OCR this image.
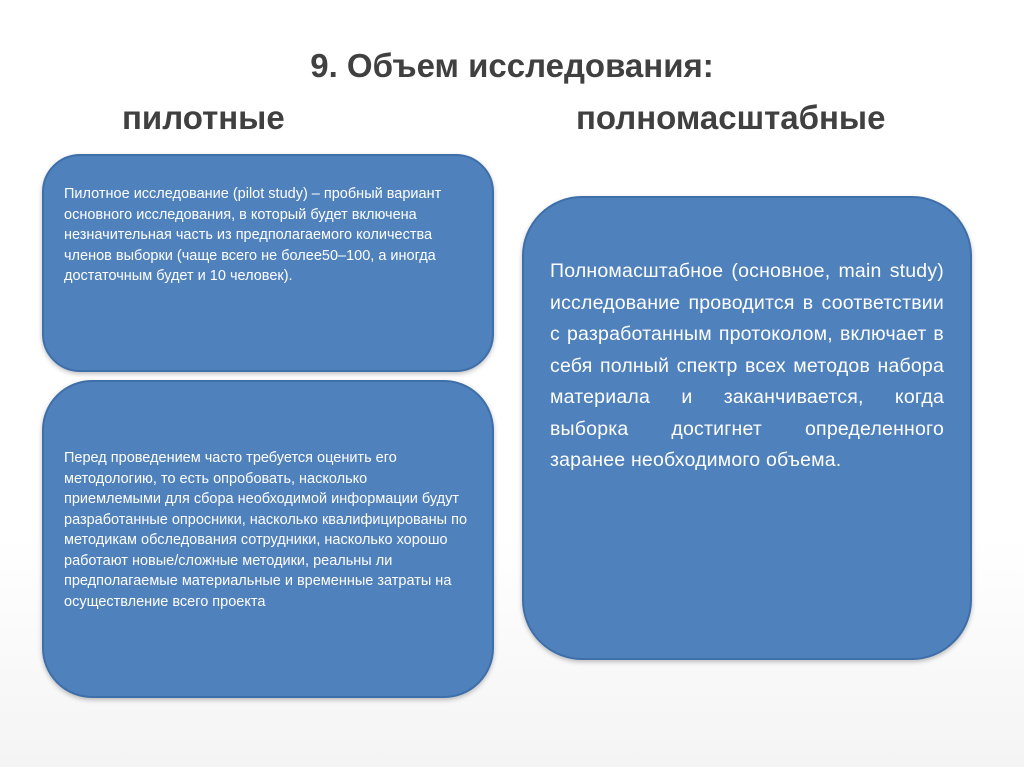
9. Объем исследования:
пилотные	полномасштабные

Пилотное исследование (pilot study) – пробный вариант основного исследования, в который будет включена незначительная часть из предполагаемого количества членов выборки (чаще всего не более50–100, а иногда достаточным будет и 10 человек).

Перед проведением часто требуется оценить его методологию, то есть опробовать, насколько приемлемыми для сбора необходимой информации будут разработанные опросники, насколько квалифицированы по методикам обследования сотрудники, насколько хорошо работают новые/сложные методики, реальны ли предполагаемые материальные и временные затраты на осуществление всего проекта

Полномасштабное (основное, main study) исследование проводится в соответствии с разработанным протоколом, включает в себя полный спектр всех методов набора материала и заканчивается, когда выборка достигнет определенного заранее необходимого объема.
